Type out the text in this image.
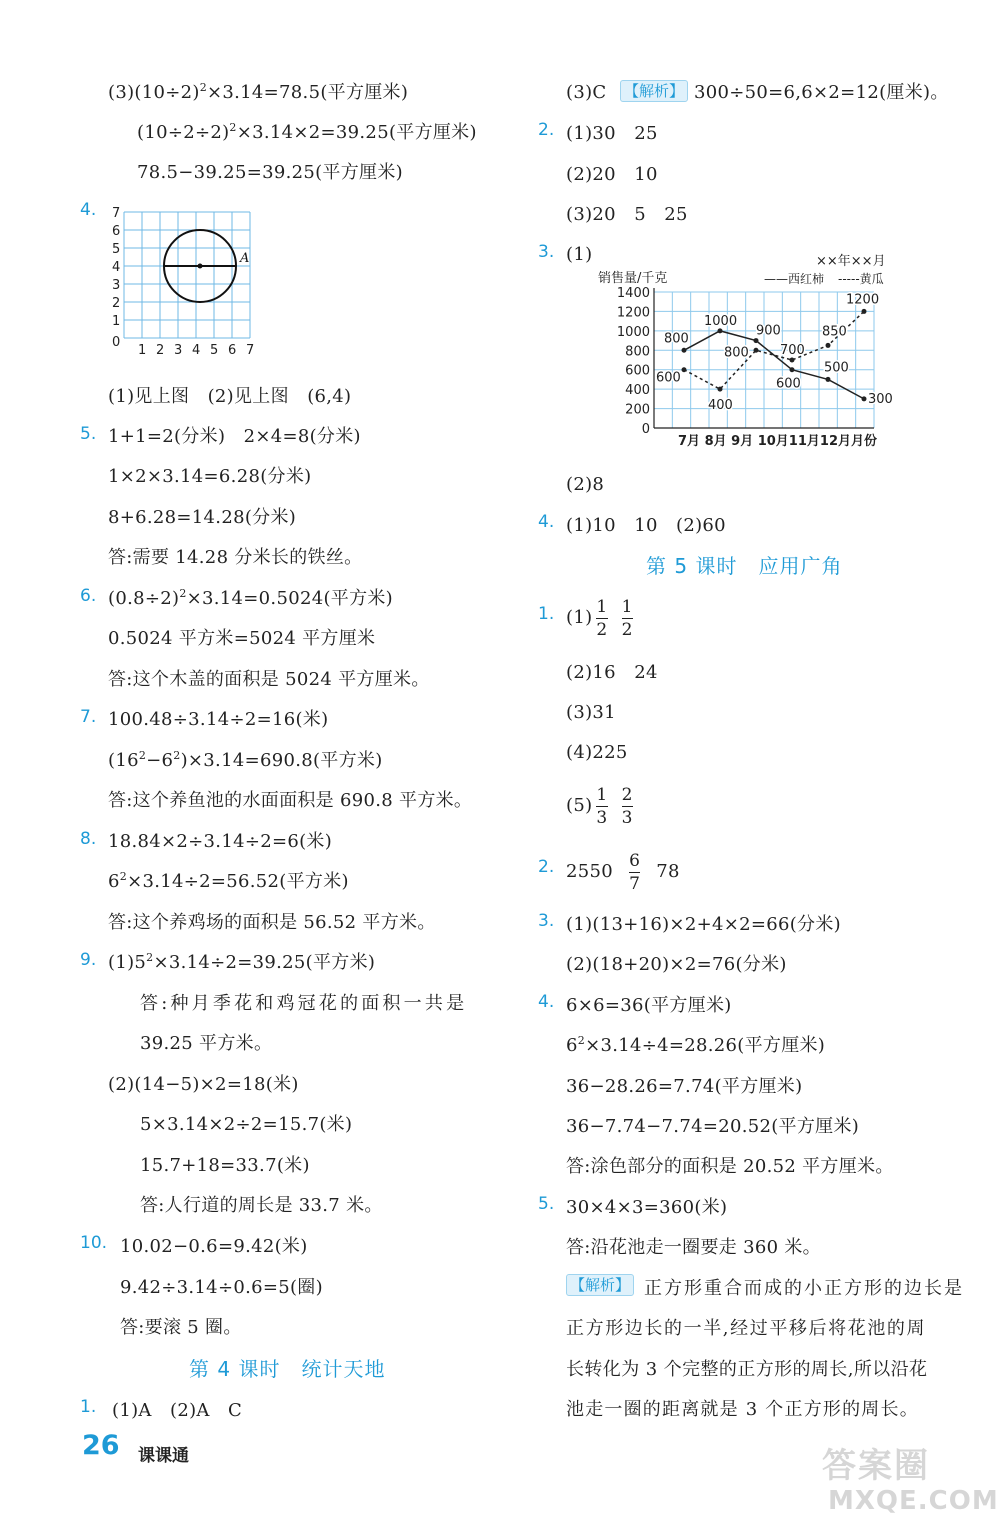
$(3)(10\div 2)^2\times 3.14=78.5$(平方厘米)
$(10\div 2\div 2)^2\times 3.14\times 2=39.25$(平方厘米)
78.5−39.25=39.25(平方厘米)
4. 7
6
5
4
3
2
1
0
1 2 3 4 5 6 7
A
(1)见上图　(2)见上图　(6,4)
5. 1+1=2(分米)　2×4=8(分米)
1×2×3.14=6.28(分米)
8+6.28=14.28(分米)
答:需要 14.28 分米长的铁丝。
6. $(0.8\div 2)^2\times 3.14=0.5024$(平方米)
0.5024 平方米=5024 平方厘米
答:这个木盖的面积是 5024 平方厘米。
7. 100.48÷3.14÷2=16(米)
$(16^2-6^2)\times 3.14=690.8$(平方米)
答:这个养鱼池的水面面积是 690.8 平方米。
8. 18.84×2÷3.14÷2=6(米)
$6^2\times 3.14\div 2=56.52$(平方米)
答:这个养鸡场的面积是 56.52 平方米。
9. $(1)5^2\times 3.14\div 2=39.25$(平方米)
答:种月季花和鸡冠花的面积一共是
39.25 平方米。
(2)(14−5)×2=18(米)
5×3.14×2÷2=15.7(米)
15.7+18=33.7(米)
答:人行道的周长是 33.7 米。
10. 10.02−0.6=9.42(米)
9.42÷3.14÷0.6=5(圈)
答:要滚 5 圈。
第 4 课时　统计天地
1. (1)A　(2)A　C
26 课课通
(3)C 【解析】 300÷50=6,6×2=12(厘米)。
2. (1)30　25
(2)20　10
(3)20　5　25
3. (1)
1400
1200
1000
800
600
400
200
0
7月 8月 9月 10月11月12月月份
销售量/千克
××年××月
——西红柿 -----黄瓜
800
1000
900
600
500
300
600
400
800 700
850
1200
(2)8
4. (1)10　10　(2)60
第 5 课时　应用广角
1. $(1) \frac{1}{2}$
$\frac{1}{2}$
(2)16　24
(3)31
(4)225
$(5) \frac{1}{3}$
$\frac{2}{3}$
2. $2550 \frac{6}{7} 78$
3. (1)(13+16)×2+4×2=66(分米)
(2)(18+20)×2=76(分米)
4. 6×6=36(平方厘米)
$6^2\times 3.14\div 4=28.26$(平方厘米)
36−28.26=7.74(平方厘米)
36−7.74−7.74=20.52(平方厘米)
答:涂色部分的面积是 20.52 平方厘米。
5. 30×4×3=360(米)
答:沿花池走一圈要走 360 米。
【解析】 正方形重合而成的小正方形的边长是
正方形边长的一半,经过平移后将花池的周
长转化为 3 个完整的正方形的周长,所以沿花
池走一圈的距离就是 3 个正方形的周长。
答案圈
MXQE.COM
